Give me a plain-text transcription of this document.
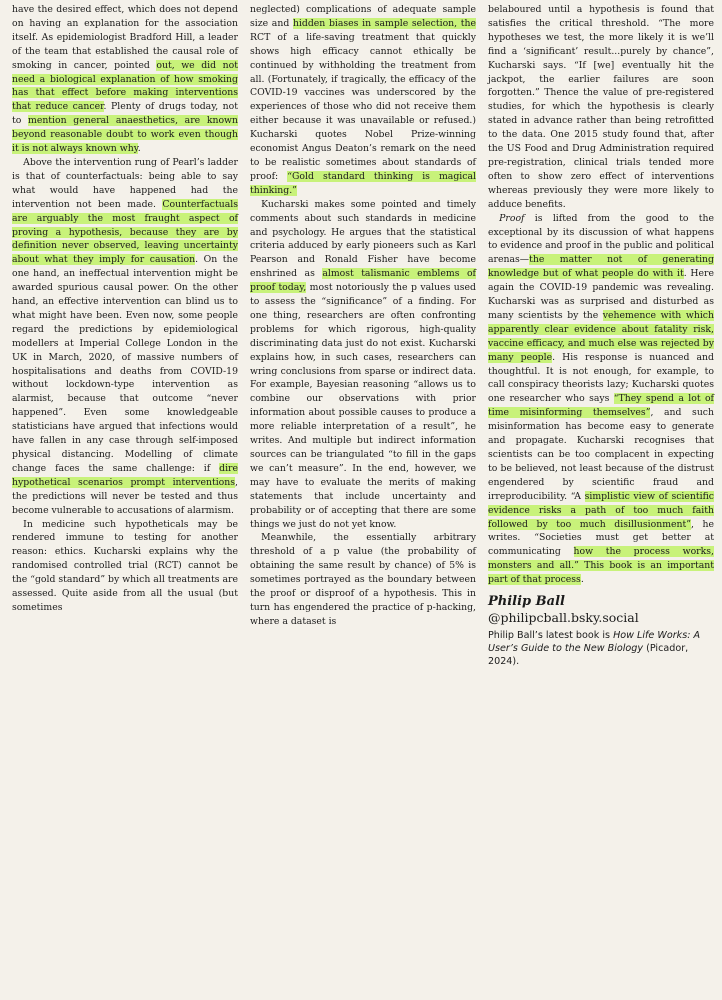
have the desired effect, which does not depend on having an explanation for the association itself. As epidemiologist Bradford Hill, a leader of the team that established the causal role of smoking in cancer, pointed out, we did not need a biological explanation of how smoking has that effect before making interventions that reduce cancer. Plenty of drugs today, not to mention general anaesthetics, are known beyond reasonable doubt to work even though it is not always known why.

Above the intervention rung of Pearl’s ladder is that of counterfactuals: being able to say what would have happened had the intervention not been made. Counterfactuals are arguably the most fraught aspect of proving a hypothesis, because they are by definition never observed, leaving uncertainty about what they imply for causation. On the one hand, an ineffectual intervention might be awarded spurious causal power. On the other hand, an effective intervention can blind us to what might have been. Even now, some people regard the predictions by epidemiological modellers at Imperial College London in the UK in March, 2020, of massive numbers of hospitalisations and deaths from COVID-19 without lockdown-type intervention as alarmist, because that outcome “never happened”. Even some knowledgeable statisticians have argued that infections would have fallen in any case through self-imposed physical distancing. Modelling of climate change faces the same challenge: if dire hypothetical scenarios prompt interventions, the predictions will never be tested and thus become vulnerable to accusations of alarmism.

In medicine such hypotheticals may be rendered immune to testing for another reason: ethics. Kucharski explains why the randomised controlled trial (RCT) cannot be the “gold standard” by which all treatments are assessed. Quite aside from all the usual (but sometimes

neglected) complications of adequate sample size and hidden biases in sample selection, the RCT of a life-saving treatment that quickly shows high efficacy cannot ethically be continued by withholding the treatment from all. (Fortunately, if tragically, the efficacy of the COVID-19 vaccines was underscored by the experiences of those who did not receive them either because it was unavailable or refused.) Kucharski quotes Nobel Prize-winning economist Angus Deaton’s remark on the need to be realistic sometimes about standards of proof: “Gold standard thinking is magical thinking.”

Kucharski makes some pointed and timely comments about such standards in medicine and psychology. He argues that the statistical criteria adduced by early pioneers such as Karl Pearson and Ronald Fisher have become enshrined as almost talismanic emblems of proof today, most notoriously the p values used to assess the “significance” of a finding. For one thing, researchers are often confronting problems for which rigorous, high-quality discriminating data just do not exist. Kucharski explains how, in such cases, researchers can wring conclusions from sparse or indirect data. For example, Bayesian reasoning “allows us to combine our observations with prior information about possible causes to produce a more reliable interpretation of a result”, he writes. And multiple but indirect information sources can be triangulated “to fill in the gaps we can’t measure”. In the end, however, we may have to evaluate the merits of making statements that include uncertainty and probability or of accepting that there are some things we just do not yet know.

Meanwhile, the essentially arbitrary threshold of a p value (the probability of obtaining the same result by chance) of 5% is sometimes portrayed as the boundary between the proof or disproof of a hypothesis. This in turn has engendered the practice of p-hacking, where a dataset is

belaboured until a hypothesis is found that satisfies the critical threshold. “The more hypotheses we test, the more likely it is we’ll find a ‘significant’ result...purely by chance”, Kucharski says. “If [we] eventually hit the jackpot, the earlier failures are soon forgotten.” Thence the value of pre-registered studies, for which the hypothesis is clearly stated in advance rather than being retrofitted to the data. One 2015 study found that, after the US Food and Drug Administration required pre-registration, clinical trials tended more often to show zero effect of interventions whereas previously they were more likely to adduce benefits.

Proof is lifted from the good to the exceptional by its discussion of what happens to evidence and proof in the public and political arenas—the matter not of generating knowledge but of what people do with it. Here again the COVID-19 pandemic was revealing. Kucharski was as surprised and disturbed as many scientists by the vehemence with which apparently clear evidence about fatality risk, vaccine efficacy, and much else was rejected by many people. His response is nuanced and thoughtful. It is not enough, for example, to call conspiracy theorists lazy; Kucharski quotes one researcher who says “They spend a lot of time misinforming themselves”, and such misinformation has become easy to generate and propagate. Kucharski recognises that scientists can be too complacent in expecting to be believed, not least because of the distrust engendered by scientific fraud and irreproducibility. “A simplistic view of scientific evidence risks a path of too much faith followed by too much disillusionment”, he writes. “Societies must get better at communicating how the process works, monsters and all.” This book is an important part of that process.

Philip Ball
@philipcball.bsky.social
Philip Ball’s latest book is How Life Works: A User’s Guide to the New Biology (Picador, 2024).
